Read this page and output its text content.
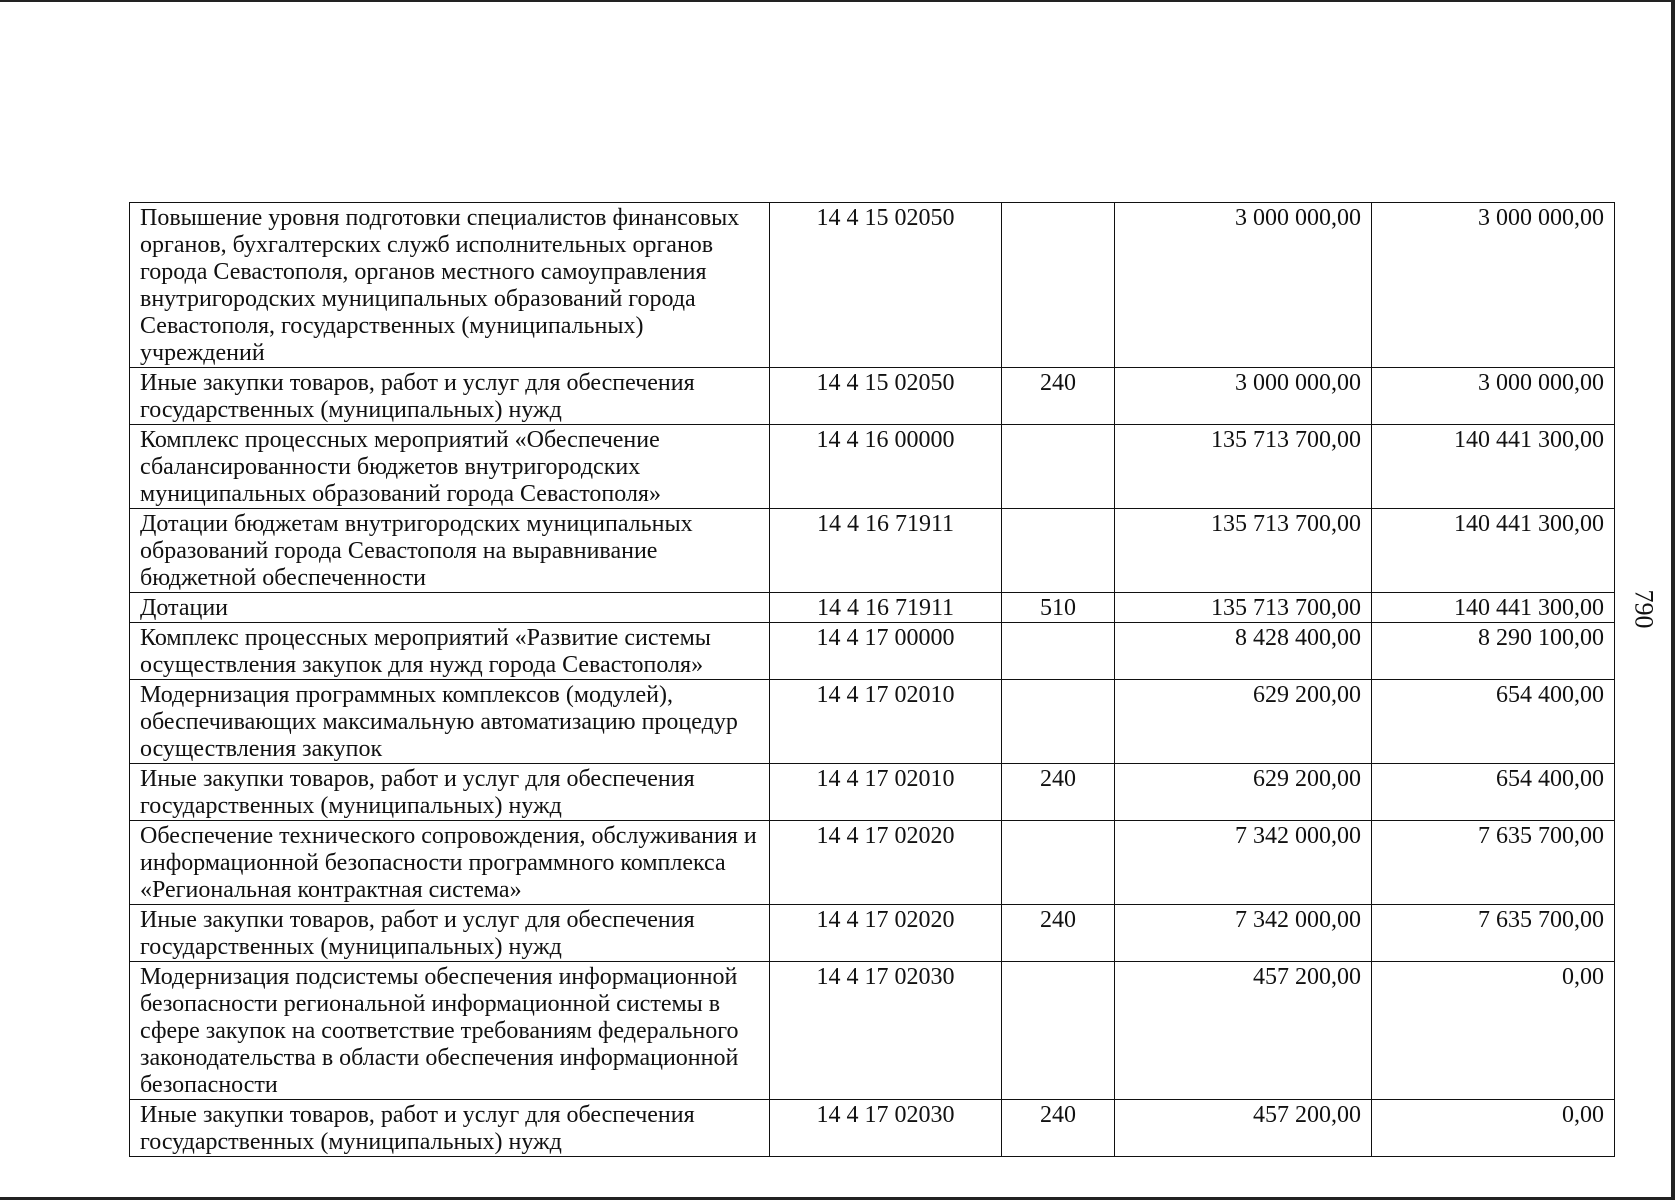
Повышение уровня подготовки специалистов финансовых органов, бухгалтерских служб исполнительных органов города Севастополя, органов местного самоуправления внутригородских муниципальных образований города Севастополя, государственных (муниципальных) учреждений	14 4 15 02050		3 000 000,00	3 000 000,00
Иные закупки товаров, работ и услуг для обеспечения государственных (муниципальных) нужд	14 4 15 02050	240	3 000 000,00	3 000 000,00
Комплекс процессных мероприятий «Обеспечение сбалансированности бюджетов внутригородских муниципальных образований города Севастополя»	14 4 16 00000		135 713 700,00	140 441 300,00
Дотации бюджетам внутригородских муниципальных образований города Севастополя на выравнивание бюджетной обеспеченности	14 4 16 71911		135 713 700,00	140 441 300,00
Дотации	14 4 16 71911	510	135 713 700,00	140 441 300,00
Комплекс процессных мероприятий «Развитие системы осуществления закупок для нужд города Севастополя»	14 4 17 00000		8 428 400,00	8 290 100,00
Модернизация программных комплексов (модулей), обеспечивающих максимальную автоматизацию процедур осуществления закупок	14 4 17 02010		629 200,00	654 400,00
Иные закупки товаров, работ и услуг для обеспечения государственных (муниципальных) нужд	14 4 17 02010	240	629 200,00	654 400,00
Обеспечение технического сопровождения, обслуживания и информационной безопасности программного комплекса «Региональная контрактная система»	14 4 17 02020		7 342 000,00	7 635 700,00
Иные закупки товаров, работ и услуг для обеспечения государственных (муниципальных) нужд	14 4 17 02020	240	7 342 000,00	7 635 700,00
Модернизация подсистемы обеспечения информационной безопасности региональной информационной системы в сфере закупок на соответствие требованиям федерального законодательства в области обеспечения информационной безопасности	14 4 17 02030		457 200,00	0,00
Иные закупки товаров, работ и услуг для обеспечения государственных (муниципальных) нужд	14 4 17 02030	240	457 200,00	0,00
790
